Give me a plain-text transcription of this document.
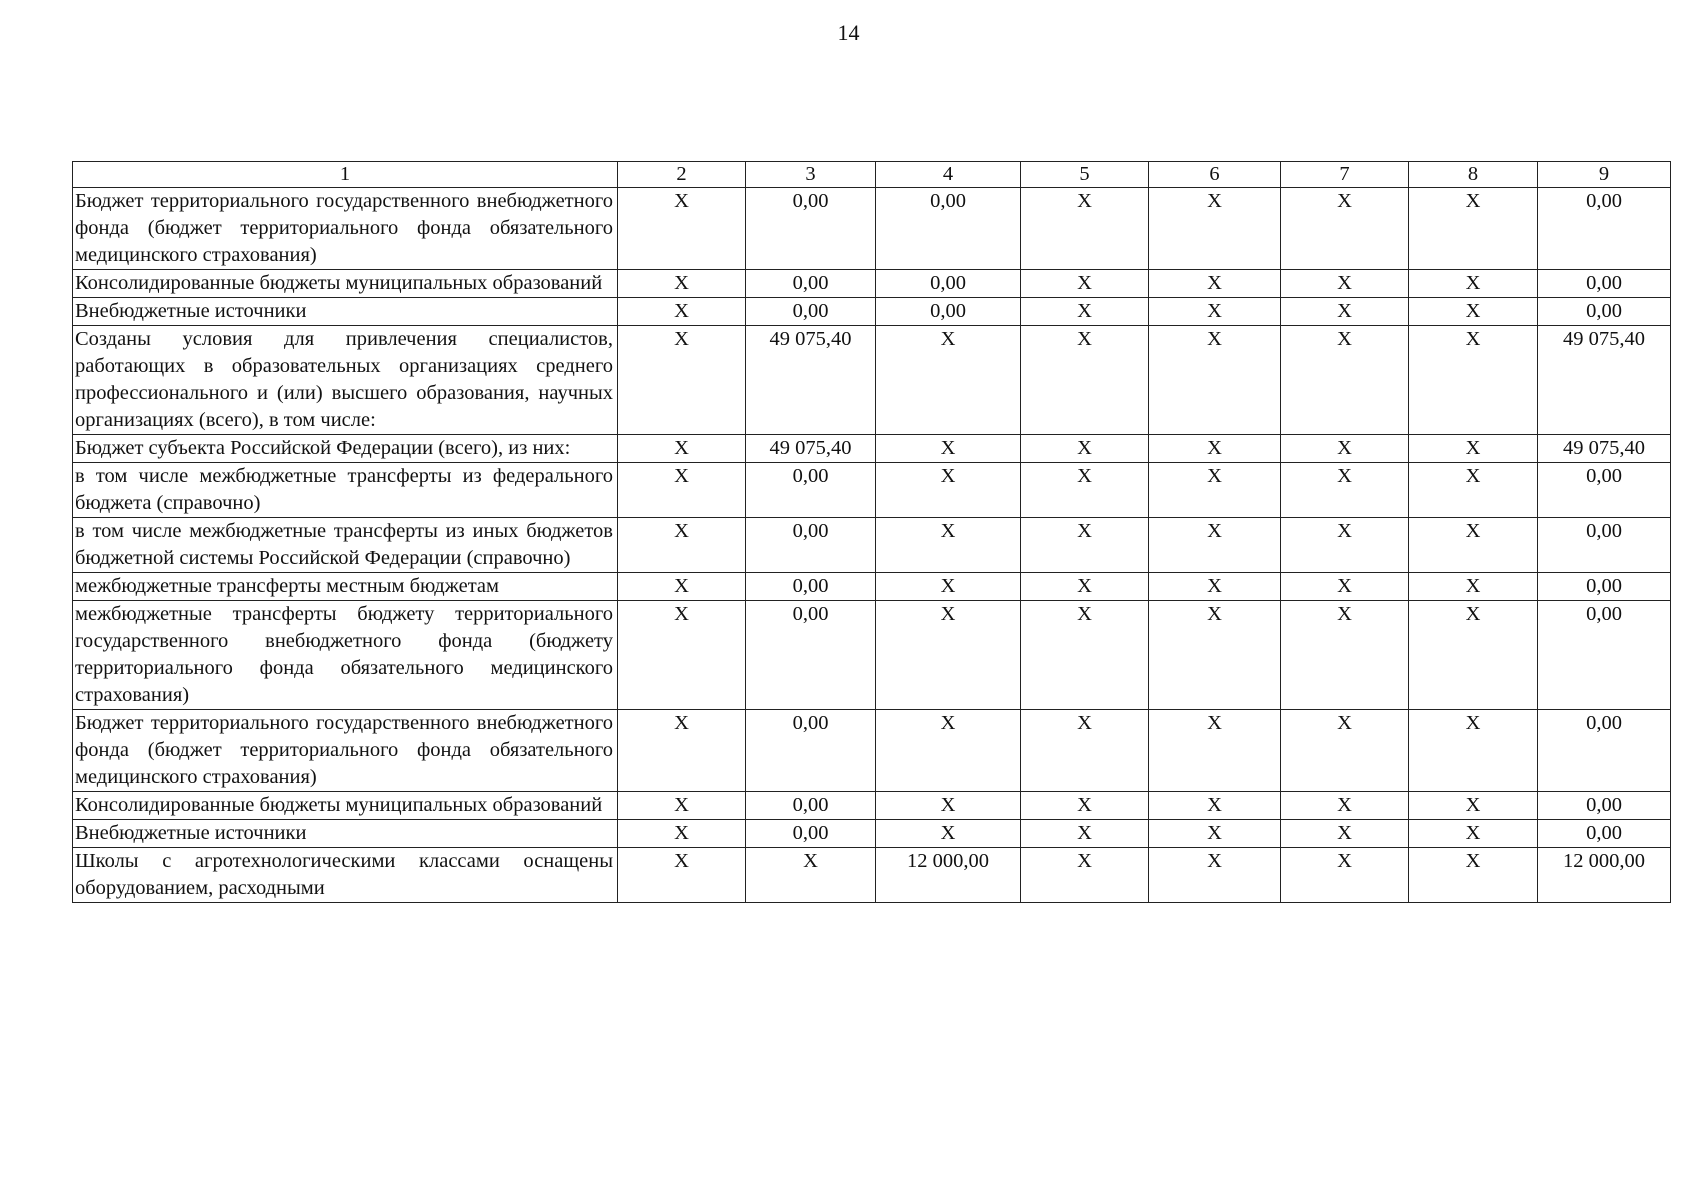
14
1	2	3	4	5	6	7	8	9
Бюджет территориального государственного внебюджетного фонда (бюджет территориального фонда обязательного медицинского страхования)	X	0,00	0,00	X	X	X	X	0,00
Консолидированные бюджеты муниципальных образований	X	0,00	0,00	X	X	X	X	0,00
Внебюджетные источники	X	0,00	0,00	X	X	X	X	0,00
Созданы условия для привлечения специалистов, работающих в образовательных организациях среднего профессионального и (или) высшего образования, научных организациях (всего), в том числе:	X	49 075,40	X	X	X	X	X	49 075,40
Бюджет субъекта Российской Федерации (всего), из них:	X	49 075,40	X	X	X	X	X	49 075,40
в том числе межбюджетные трансферты из федерального бюджета (справочно)	X	0,00	X	X	X	X	X	0,00
в том числе межбюджетные трансферты из иных бюджетов бюджетной системы Российской Федерации (справочно)	X	0,00	X	X	X	X	X	0,00
межбюджетные трансферты местным бюджетам	X	0,00	X	X	X	X	X	0,00
межбюджетные трансферты бюджету территориального государственного внебюджетного фонда (бюджету территориального фонда обязательного медицинского страхования)	X	0,00	X	X	X	X	X	0,00
Бюджет территориального государственного внебюджетного фонда (бюджет территориального фонда обязательного медицинского страхования)	X	0,00	X	X	X	X	X	0,00
Консолидированные бюджеты муниципальных образований	X	0,00	X	X	X	X	X	0,00
Внебюджетные источники	X	0,00	X	X	X	X	X	0,00
Школы с агротехнологическими классами оснащены оборудованием, расходными	X	X	12 000,00	X	X	X	X	12 000,00
